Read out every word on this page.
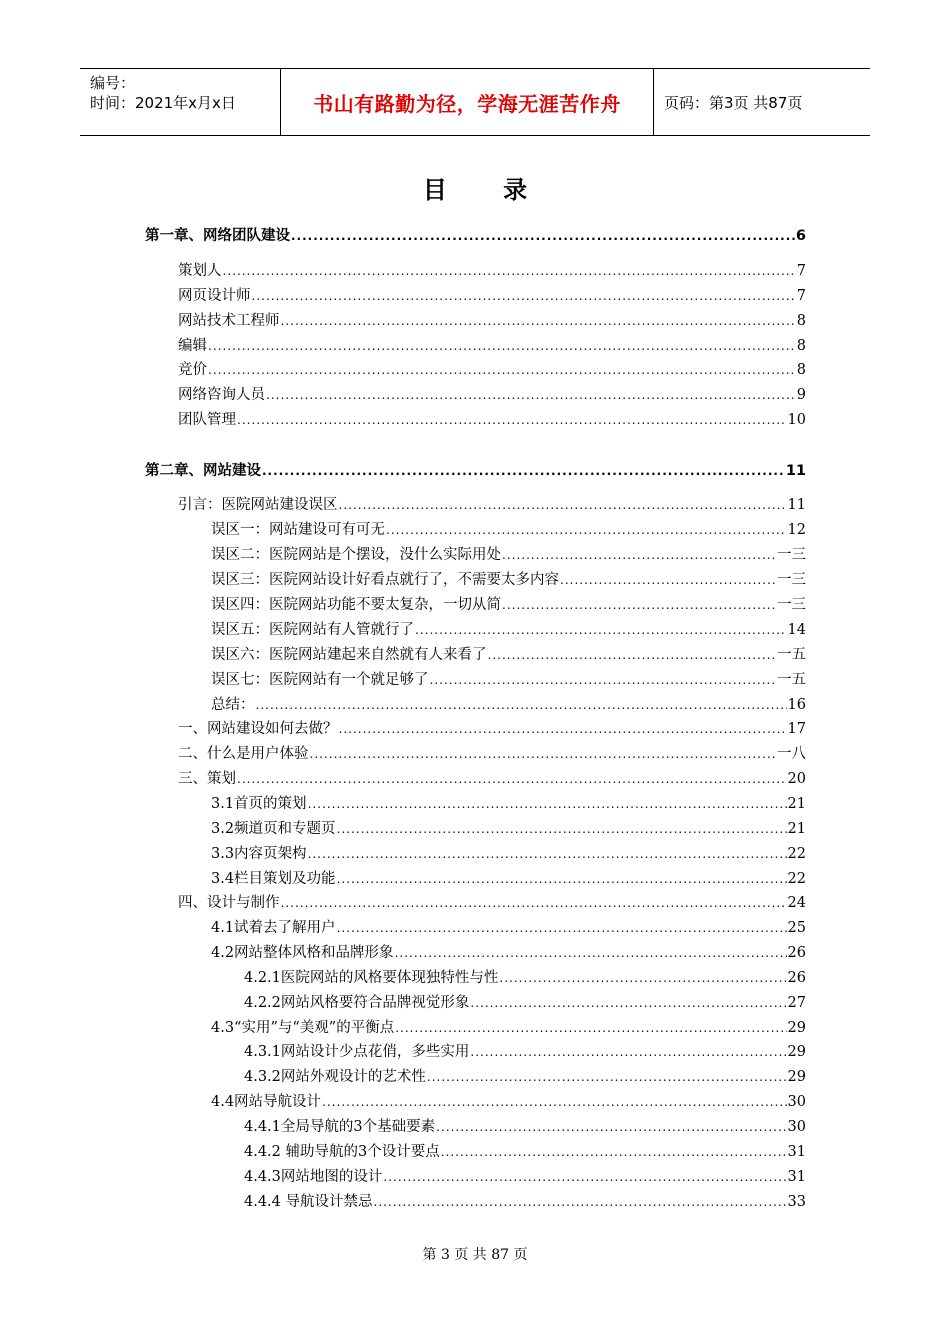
编号：
时间：2021年x月x日	书山有路勤为径，学海无涯苦作舟	页码：第3页 共87页
目 录
第一章、网络团队建设 .....	6
策划人 .....	7
网页设计师 .....	7
网站技术工程师 .....	8
编辑 .....	8
竞价 .....	8
网络咨询人员 .....	9
团队管理 .....	10
第二章、网站建设 .....	11
引言：医院网站建设误区 .....	11
误区一：网站建设可有可无 .....	12
误区二：医院网站是个摆设，没什么实际用处 .....	一三
误区三：医院网站设计好看点就行了，不需要太多内容 .....	一三
误区四：医院网站功能不要太复杂，一切从简 .....	一三
误区五：医院网站有人管就行了 .....	14
误区六：医院网站建起来自然就有人来看了 .....	一五
误区七：医院网站有一个就足够了 .....	一五
总结： .....	16
一、网站建设如何去做？ .....	17
二、什么是用户体验 .....	一八
三、策划 .....	20
3.1首页的策划 .....	21
3.2频道页和专题页 .....	21
3.3内容页架构 .....	22
3.4栏目策划及功能 .....	22
四、设计与制作 .....	24
4.1试着去了解用户 .....	25
4.2网站整体风格和品牌形象 .....	26
4.2.1医院网站的风格要体现独特性与性 .....	26
4.2.2网站风格要符合品牌视觉形象 .....	27
4.3“实用”与“美观”的平衡点 .....	29
4.3.1网站设计少点花俏，多些实用 .....	29
4.3.2网站外观设计的艺术性 .....	29
4.4网站导航设计 .....	30
4.4.1全局导航的3个基础要素 .....	30
4.4.2 辅助导航的3个设计要点 .....	31
4.4.3网站地图的设计 .....	31
4.4.4 导航设计禁忌 .....	33
第 3 页 共 87 页
